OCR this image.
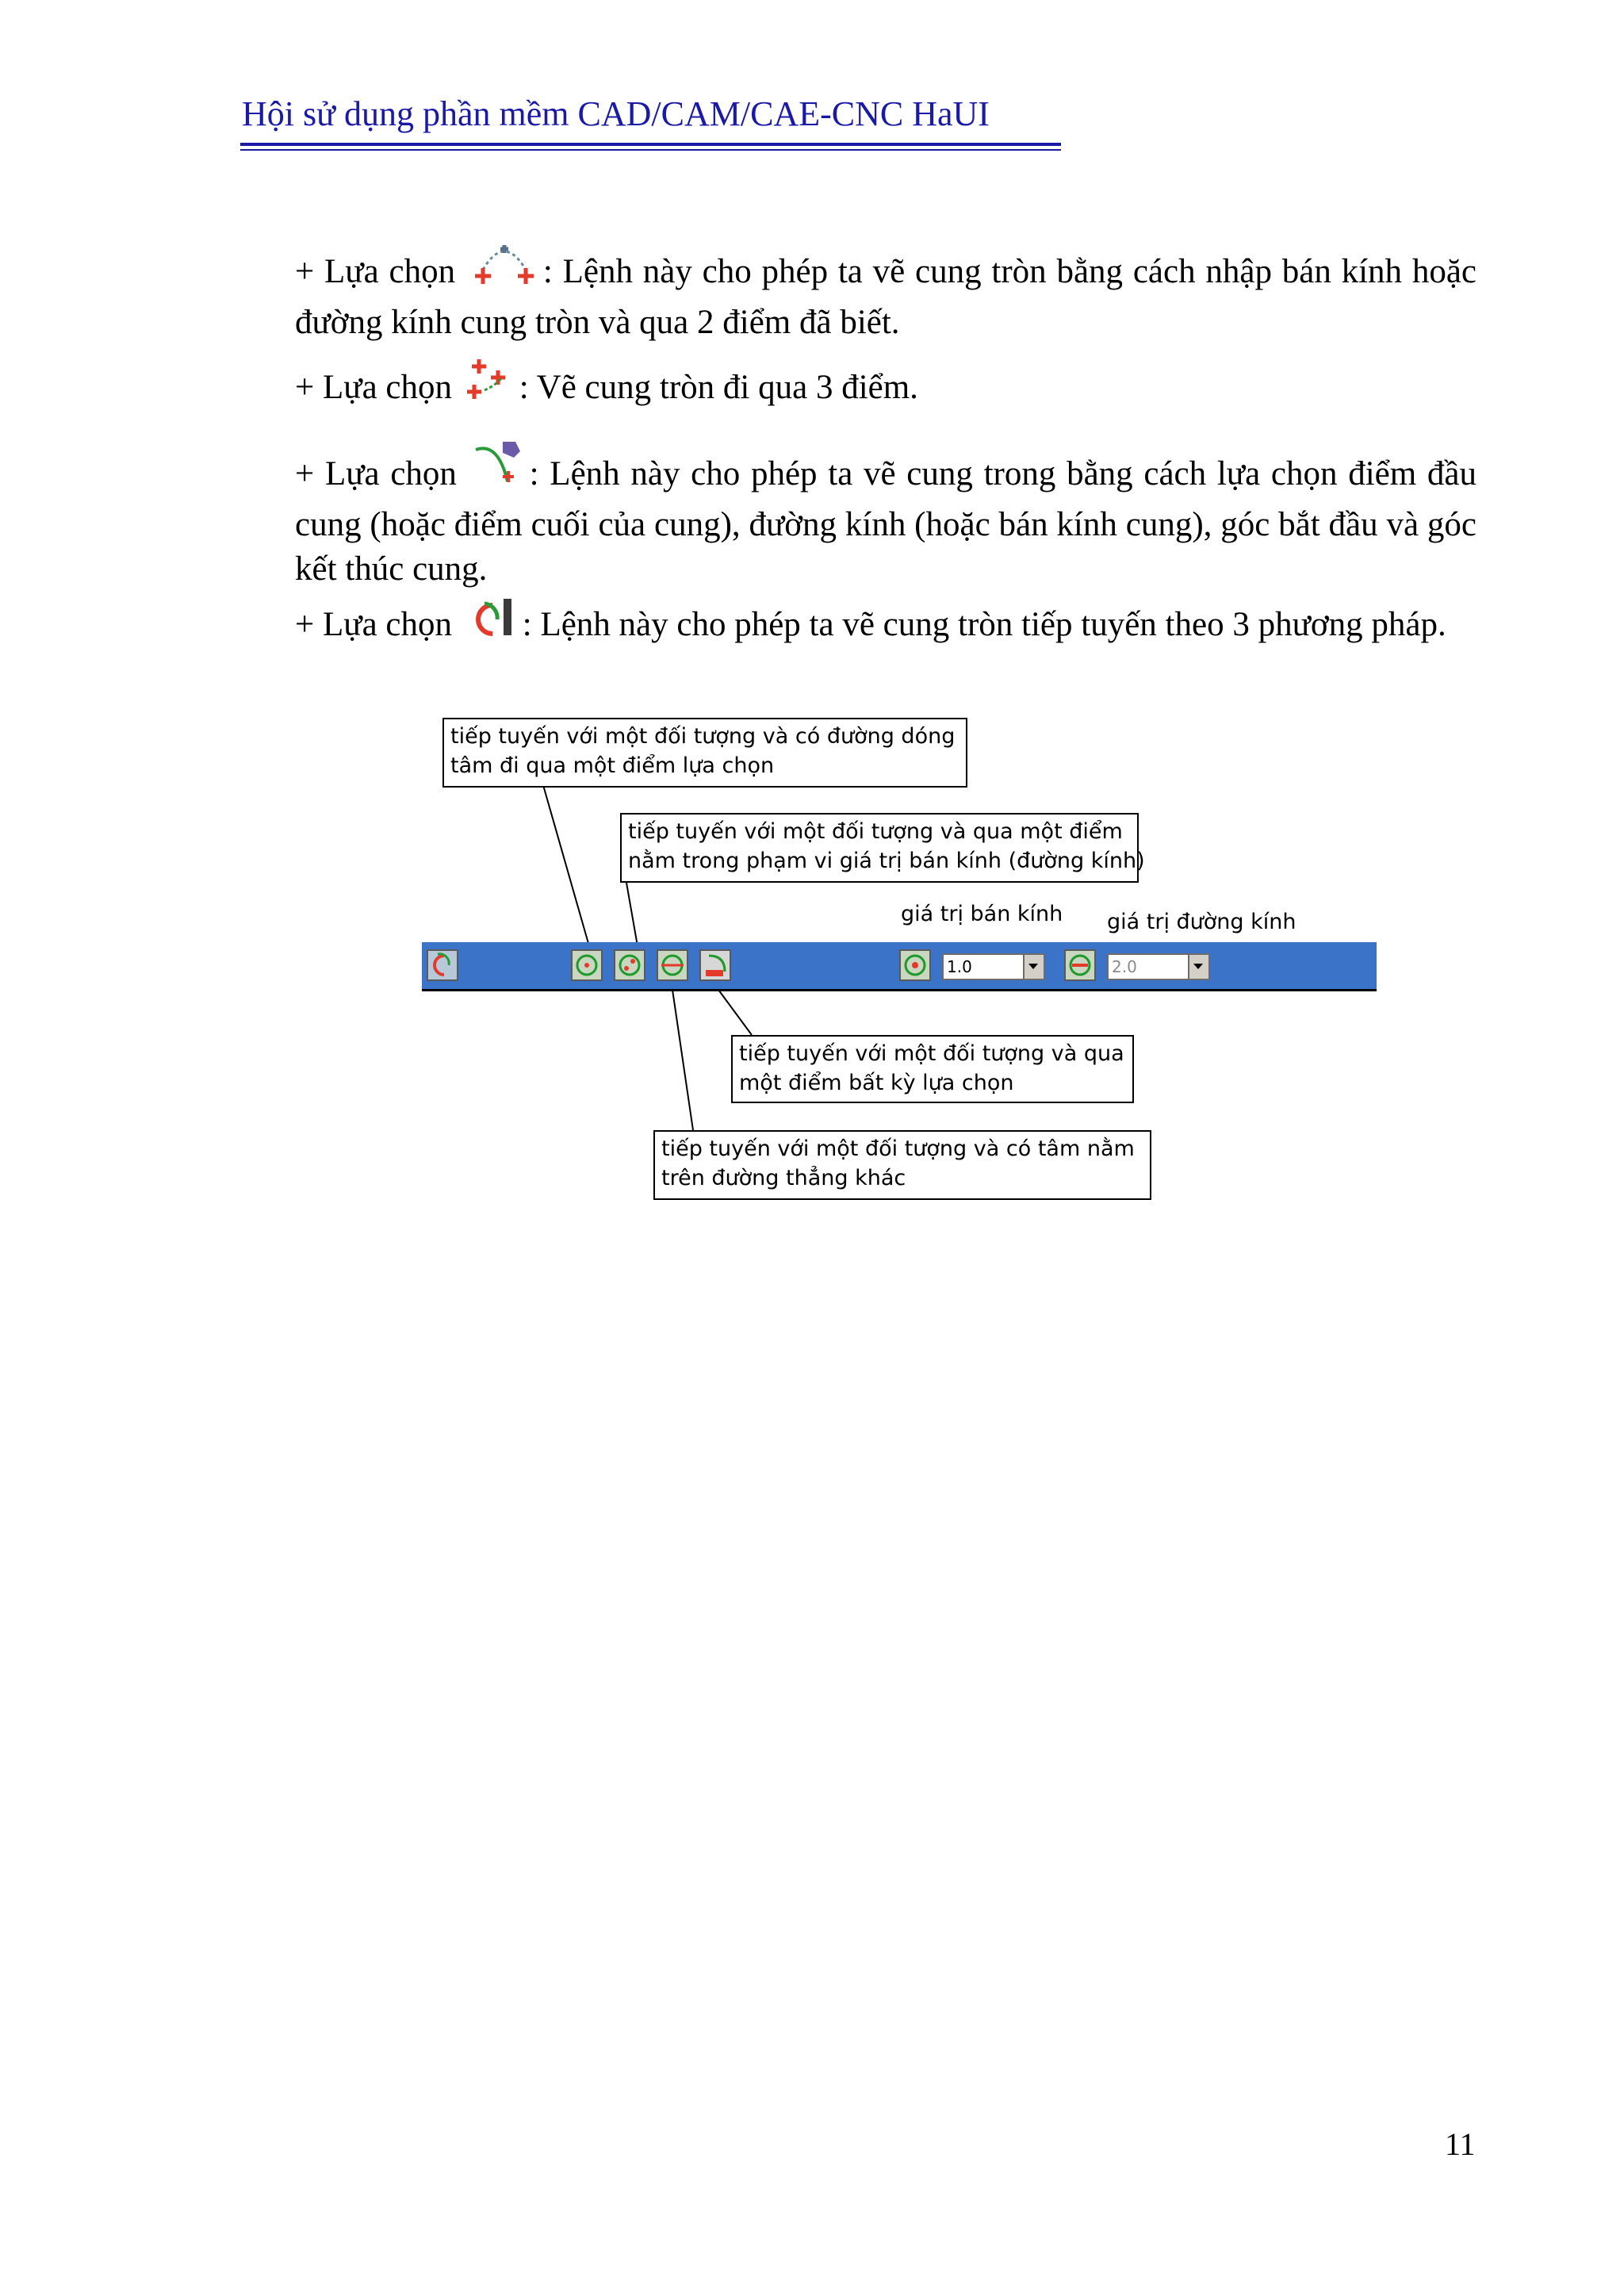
Hội sử dụng phần mềm CAD/CAM/CAE-CNC HaUI
+ Lựa chọn	: Lệnh này cho phép ta vẽ cung tròn bằng cách nhập bán kính hoặc đường kính cung tròn và qua 2 điểm đã biết.
+ Lựa chọn : Vẽ cung tròn đi qua 3 điểm.
+ Lựa chọn : Lệnh này cho phép ta vẽ cung trong bằng cách lựa chọn điểm đầu cung (hoặc điểm cuối của cung), đường kính (hoặc bán kính cung), góc bắt đầu và góc kết thúc cung.
+ Lựa chọn : Lệnh này cho phép ta vẽ cung tròn tiếp tuyến theo 3 phương pháp.
tiếp tuyến với một đối tượng và có đường dóng
tâm đi qua một điểm lựa chọn
tiếp tuyến với một đối tượng và qua một điểm
nằm trong phạm vi giá trị bán kính (đường kính)
giá trị bán kính giá trị đường kính
1.0	2.0
tiếp tuyến với một đối tượng và qua
một điểm bất kỳ lựa chọn
tiếp tuyến với một đối tượng và có tâm nằm
trên đường thẳng khác
11
